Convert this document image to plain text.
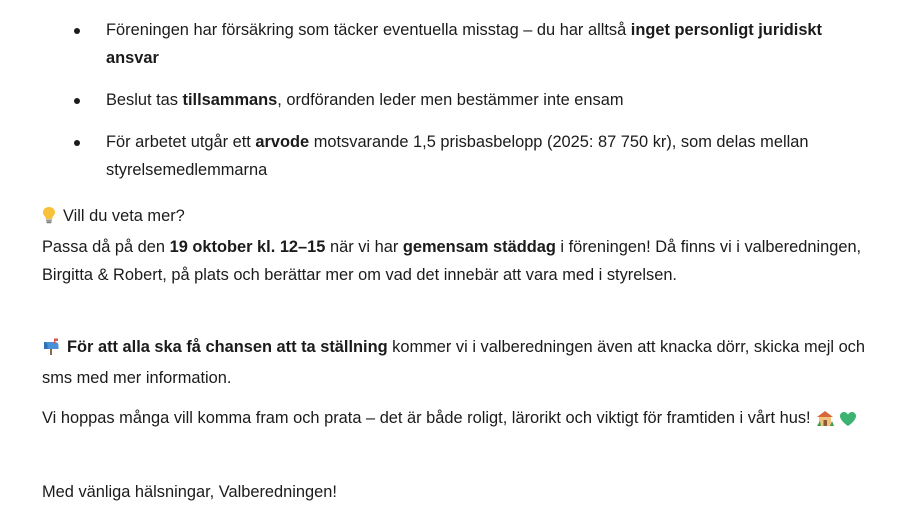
Föreningen har försäkring som täcker eventuella misstag – du har alltså inget personligt juridiskt ansvar
Beslut tas tillsammans, ordföranden leder men bestämmer inte ensam
För arbetet utgår ett arvode motsvarande 1,5 prisbasbelopp (2025: 87 750 kr), som delas mellan styrelsemedlemmarna
Vill du veta mer?
Passa då på den 19 oktober kl. 12–15 när vi har gemensam städdag i föreningen! Då finns vi i valberedningen, Birgitta & Robert, på plats och berättar mer om vad det innebär att vara med i styrelsen.
För att alla ska få chansen att ta ställning kommer vi i valberedningen även att knacka dörr, skicka mejl och sms med mer information.
Vi hoppas många vill komma fram och prata – det är både roligt, lärorikt och viktigt för framtiden i vårt hus!
Med vänliga hälsningar, Valberedningen!
